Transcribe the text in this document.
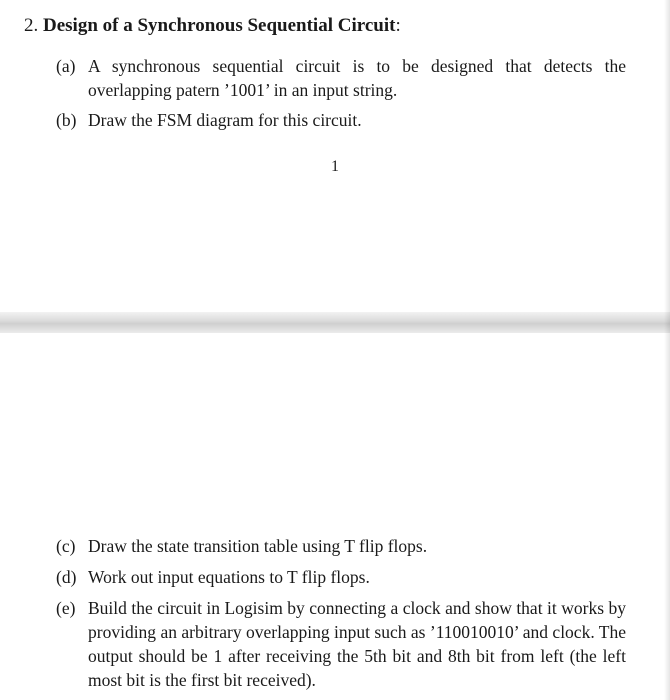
2. Design of a Synchronous Sequential Circuit:
(a) A synchronous sequential circuit is to be designed that detects the overlapping patern ’1001’ in an input string.
(b) Draw the FSM diagram for this circuit.
1
(c) Draw the state transition table using T flip flops.
(d) Work out input equations to T flip flops.
(e) Build the circuit in Logisim by connecting a clock and show that it works by providing an arbitrary overlapping input such as ’110010010’ and clock. The output should be 1 after receiving the 5th bit and 8th bit from left (the left most bit is the first bit received).
